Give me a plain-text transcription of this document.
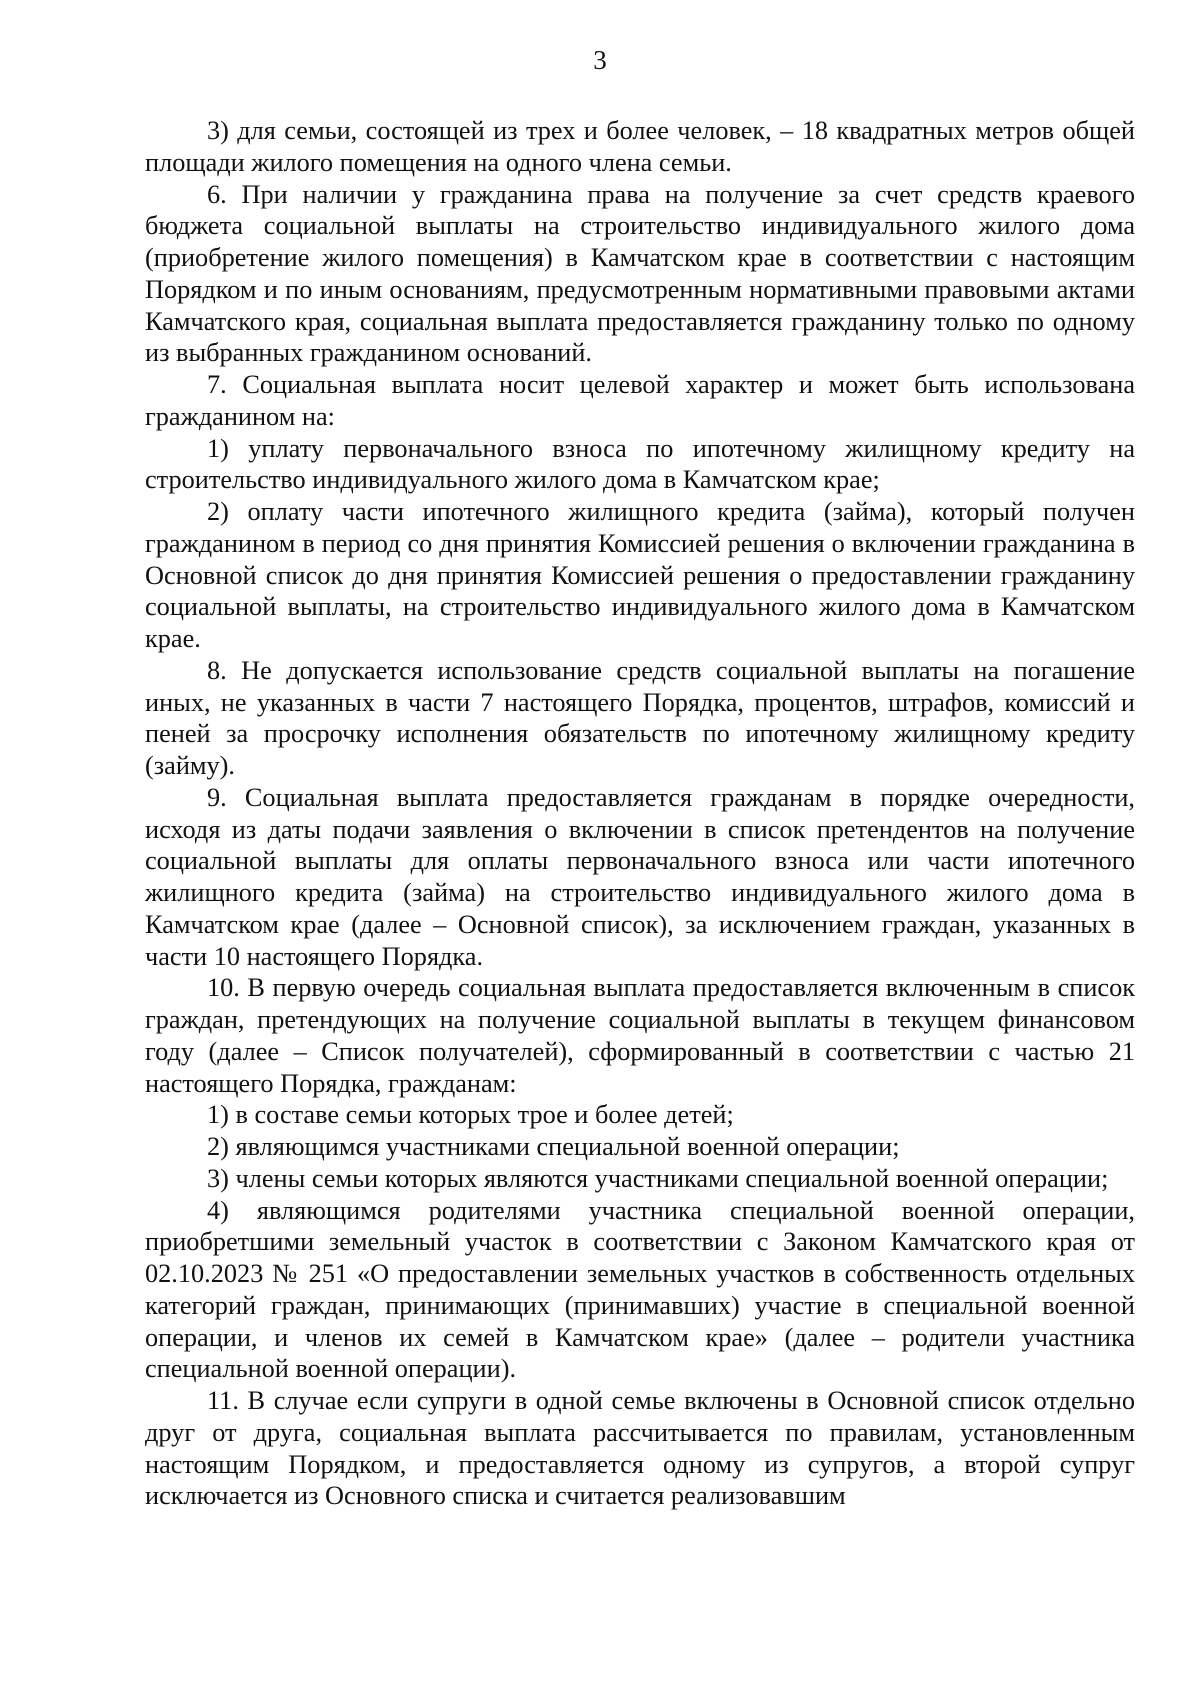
3

3) для семьи, состоящей из трех и более человек, – 18 квадратных метров общей площади жилого помещения на одного члена семьи.

6. При наличии у гражданина права на получение за счет средств краевого бюджета социальной выплаты на строительство индивидуального жилого дома (приобретение жилого помещения) в Камчатском крае в соответствии с настоящим Порядком и по иным основаниям, предусмотренным нормативными правовыми актами Камчатского края, социальная выплата предоставляется гражданину только по одному из выбранных гражданином оснований.

7. Социальная выплата носит целевой характер и может быть использована гражданином на:

1) уплату первоначального взноса по ипотечному жилищному кредиту на строительство индивидуального жилого дома в Камчатском крае;

2) оплату части ипотечного жилищного кредита (займа), который получен гражданином в период со дня принятия Комиссией решения о включении гражданина в Основной список до дня принятия Комиссией решения о предоставлении гражданину социальной выплаты, на строительство индивидуального жилого дома в Камчатском крае.

8. Не допускается использование средств социальной выплаты на погашение иных, не указанных в части 7 настоящего Порядка, процентов, штрафов, комиссий и пеней за просрочку исполнения обязательств по ипотечному жилищному кредиту (займу).

9. Социальная выплата предоставляется гражданам в порядке очередности, исходя из даты подачи заявления о включении в список претендентов на получение социальной выплаты для оплаты первоначального взноса или части ипотечного жилищного кредита (займа) на строительство индивидуального жилого дома в Камчатском крае (далее – Основной список), за исключением граждан, указанных в части 10 настоящего Порядка.

10. В первую очередь социальная выплата предоставляется включенным в список граждан, претендующих на получение социальной выплаты в текущем финансовом году (далее – Список получателей), сформированный в соответствии с частью 21 настоящего Порядка, гражданам:

1) в составе семьи которых трое и более детей;

2) являющимся участниками специальной военной операции;

3) члены семьи которых являются участниками специальной военной операции;

4) являющимся родителями участника специальной военной операции, приобретшими земельный участок в соответствии с Законом Камчатского края от 02.10.2023 № 251 «О предоставлении земельных участков в собственность отдельных категорий граждан, принимающих (принимавших) участие в специальной военной операции, и членов их семей в Камчатском крае» (далее – родители участника специальной военной операции).

11. В случае если супруги в одной семье включены в Основной список отдельно друг от друга, социальная выплата рассчитывается по правилам, установленным настоящим Порядком, и предоставляется одному из супругов, а второй супруг исключается из Основного списка и считается реализовавшим
